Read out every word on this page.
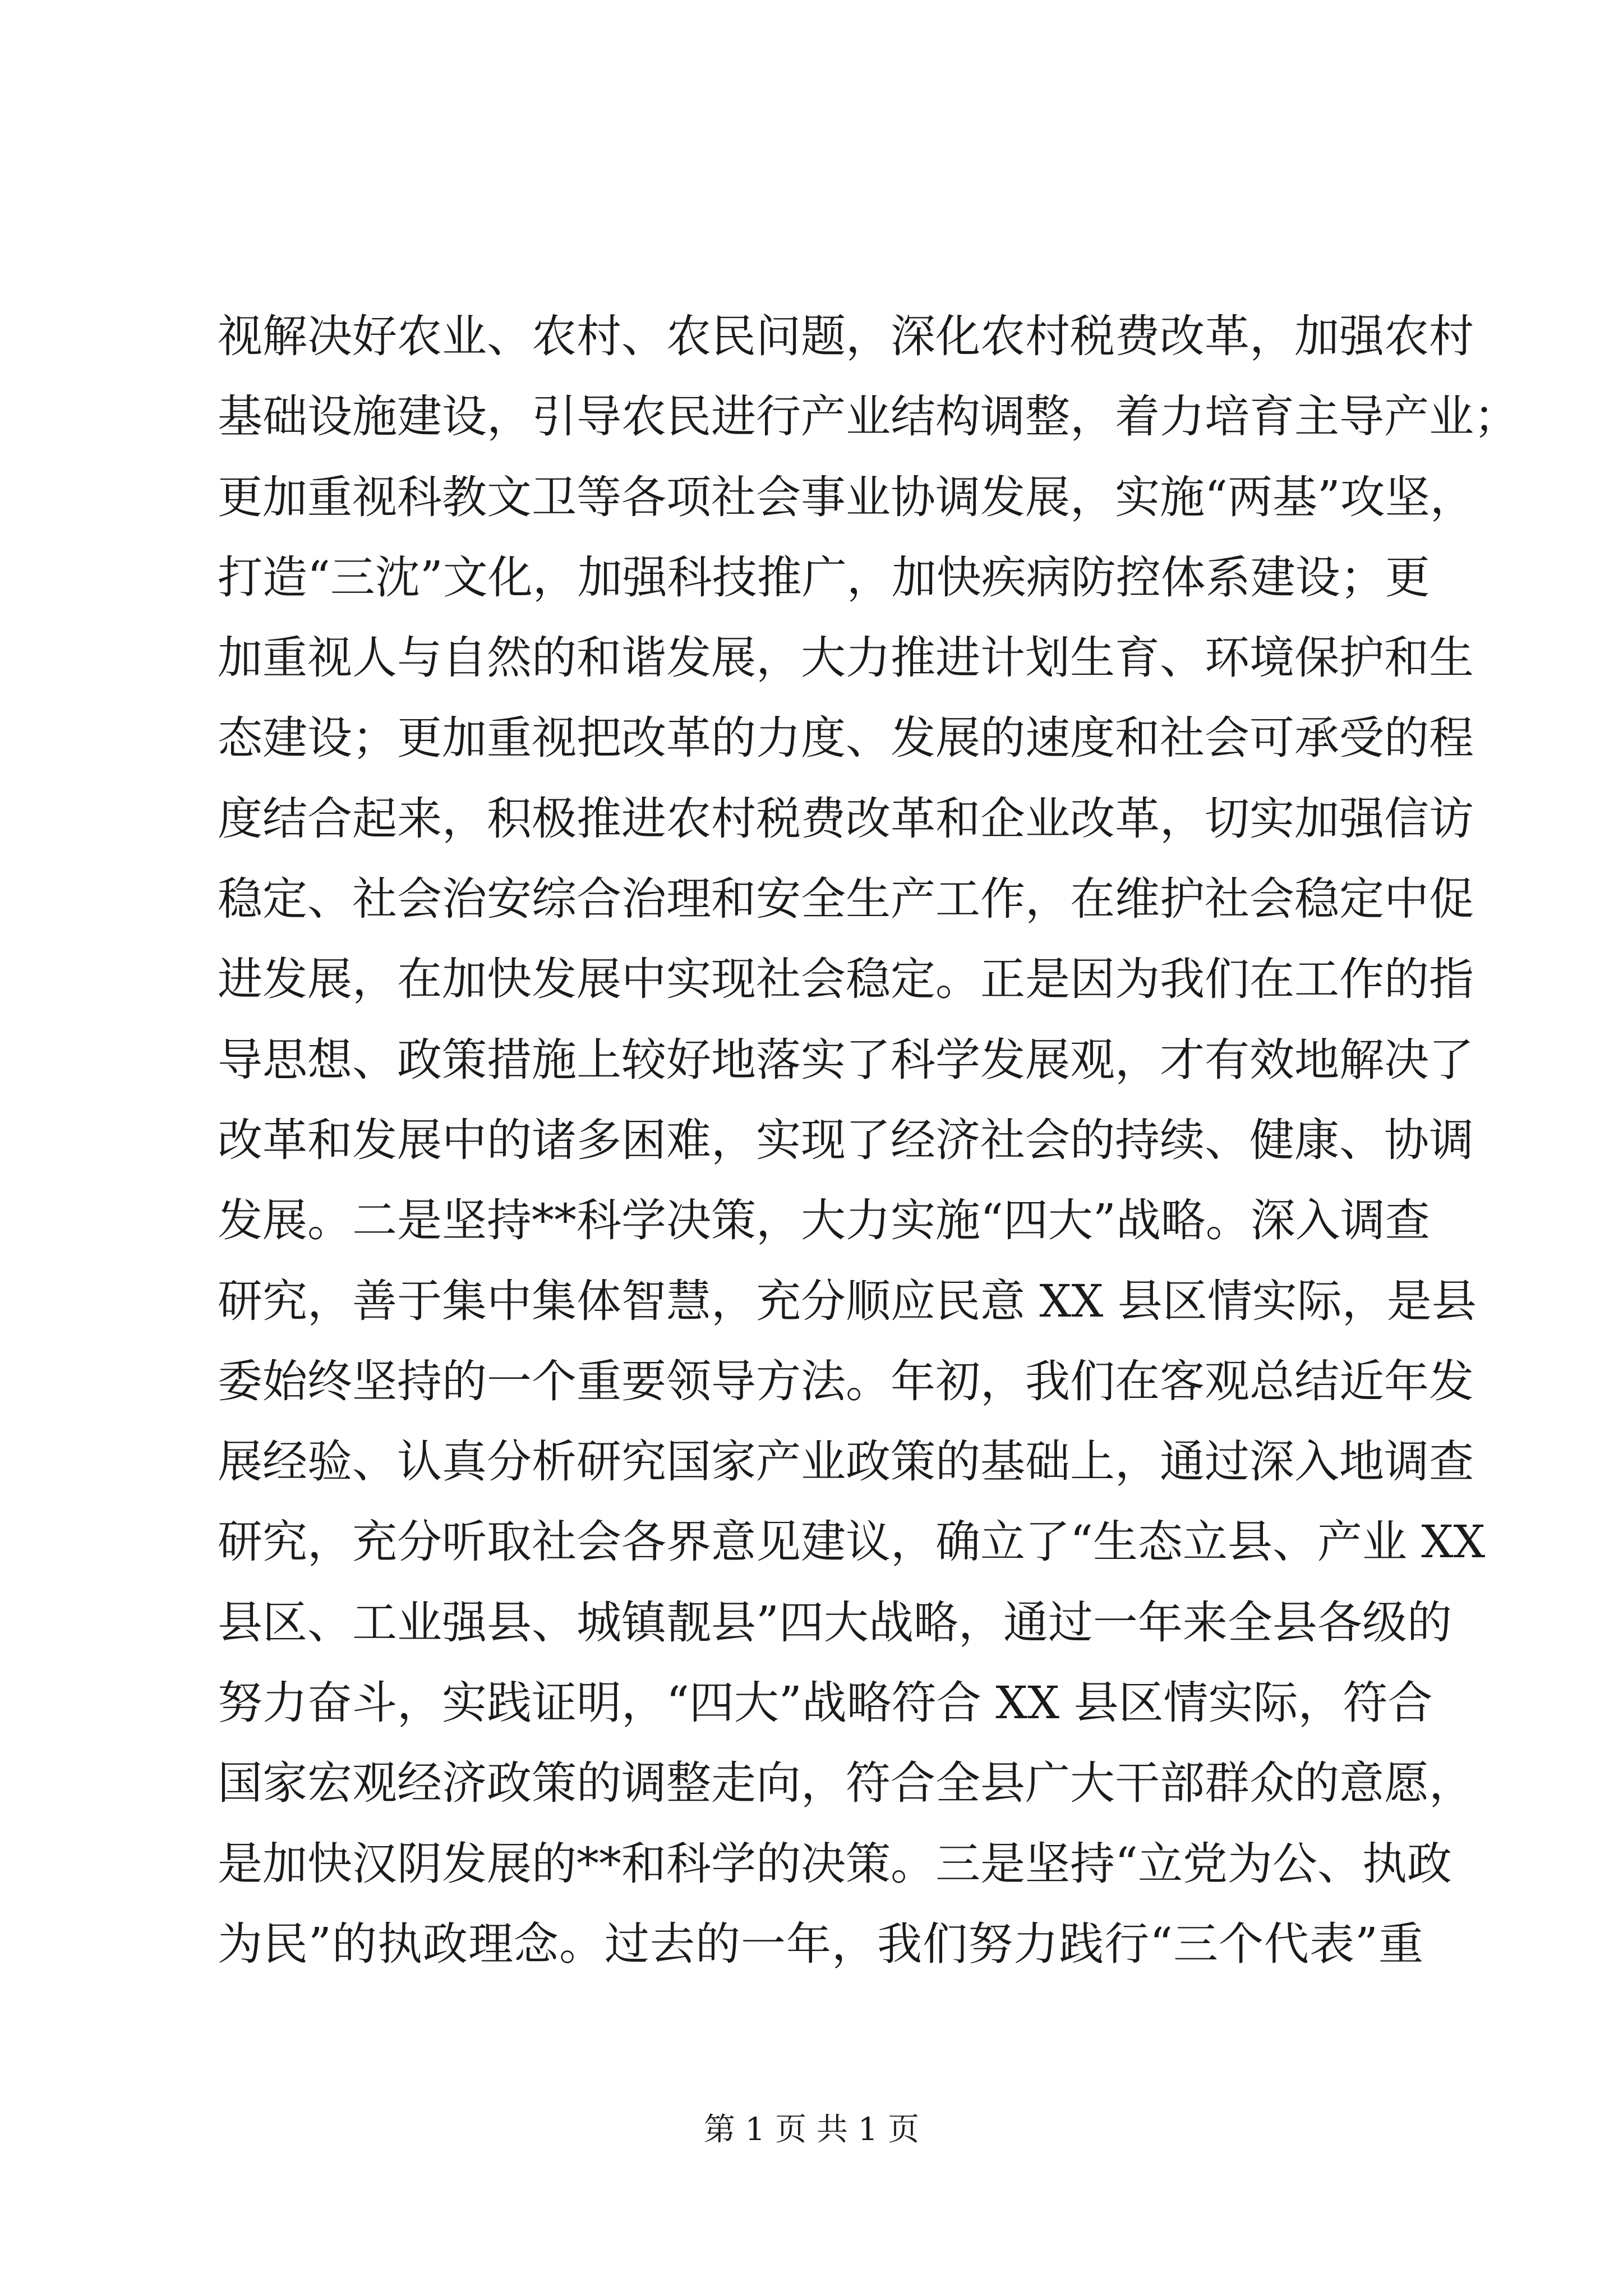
视解决好农业、农村、农民问题，深化农村税费改革，加强农村
基础设施建设，引导农民进行产业结构调整，着力培育主导产业；
更加重视科教文卫等各项社会事业协调发展，实施“两基”攻坚，
打造“三沈”文化，加强科技推广，加快疾病防控体系建设；更
加重视人与自然的和谐发展，大力推进计划生育、环境保护和生
态建设；更加重视把改革的力度、发展的速度和社会可承受的程
度结合起来，积极推进农村税费改革和企业改革，切实加强信访
稳定、社会治安综合治理和安全生产工作，在维护社会稳定中促
进发展，在加快发展中实现社会稳定。正是因为我们在工作的指
导思想、政策措施上较好地落实了科学发展观，才有效地解决了
改革和发展中的诸多困难，实现了经济社会的持续、健康、协调
发展。二是坚持**科学决策，大力实施“四大”战略。深入调查
研究，善于集中集体智慧，充分顺应民意 XX 县区情实际，是县
委始终坚持的一个重要领导方法。年初，我们在客观总结近年发
展经验、认真分析研究国家产业政策的基础上，通过深入地调查
研究，充分听取社会各界意见建议，确立了“生态立县、产业 XX
县区、工业强县、城镇靓县”四大战略，通过一年来全县各级的
努力奋斗，实践证明，“四大”战略符合 XX 县区情实际，符合
国家宏观经济政策的调整走向，符合全县广大干部群众的意愿，
是加快汉阴发展的**和科学的决策。三是坚持“立党为公、执政
为民”的执政理念。过去的一年，我们努力践行“三个代表”重
第 1 页 共 1 页
